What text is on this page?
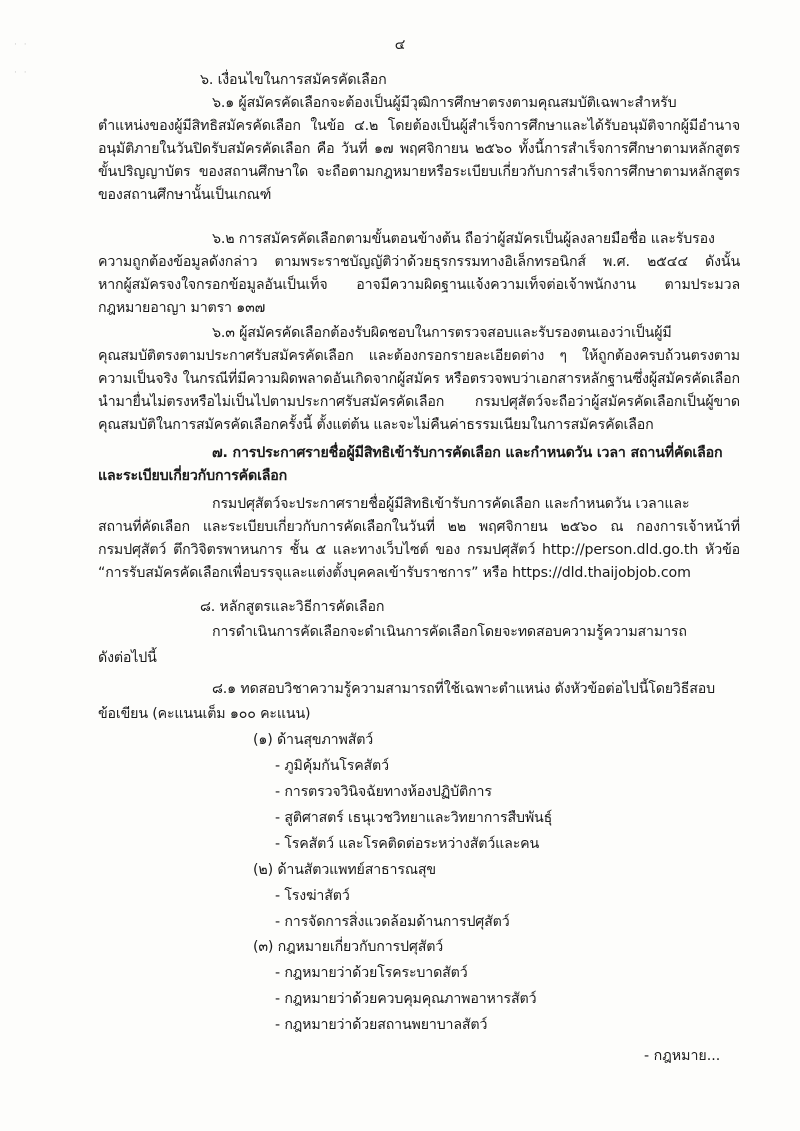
· ·
· ·
๔
๖. เงื่อนไขในการสมัครคัดเลือก
๖.๑ ผู้สมัครคัดเลือกจะต้องเป็นผู้มีวุฒิการศึกษาตรงตามคุณสมบัติเฉพาะสำหรับ
ตำแหน่งของผู้มีสิทธิสมัครคัดเลือก ในข้อ ๔.๒ โดยต้องเป็นผู้สำเร็จการศึกษาและได้รับอนุมัติจากผู้มีอำนาจ
อนุมัติภายในวันปิดรับสมัครคัดเลือก คือ วันที่ ๑๗ พฤศจิกายน ๒๕๖๐ ทั้งนี้การสำเร็จการศึกษาตามหลักสูตร
ขั้นปริญญาบัตร ของสถานศึกษาใด จะถือตามกฎหมายหรือระเบียบเกี่ยวกับการสำเร็จการศึกษาตามหลักสูตร
ของสถานศึกษานั้นเป็นเกณฑ์
๖.๒ การสมัครคัดเลือกตามขั้นตอนข้างต้น ถือว่าผู้สมัครเป็นผู้ลงลายมือชื่อ และรับรอง
ความถูกต้องข้อมูลดังกล่าว ตามพระราชบัญญัติว่าด้วยธุรกรรมทางอิเล็กทรอนิกส์ พ.ศ. ๒๕๔๔ ดังนั้น
หากผู้สมัครจงใจกรอกข้อมูลอันเป็นเท็จ อาจมีความผิดฐานแจ้งความเท็จต่อเจ้าพนักงาน ตามประมวล
กฎหมายอาญา มาตรา ๑๓๗
๖.๓ ผู้สมัครคัดเลือกต้องรับผิดชอบในการตรวจสอบและรับรองตนเองว่าเป็นผู้มี
คุณสมบัติตรงตามประกาศรับสมัครคัดเลือก และต้องกรอกรายละเอียดต่าง ๆ ให้ถูกต้องครบถ้วนตรงตาม
ความเป็นจริง ในกรณีที่มีความผิดพลาดอันเกิดจากผู้สมัคร หรือตรวจพบว่าเอกสารหลักฐานซึ่งผู้สมัครคัดเลือก
นำมายื่นไม่ตรงหรือไม่เป็นไปตามประกาศรับสมัครคัดเลือก กรมปศุสัตว์จะถือว่าผู้สมัครคัดเลือกเป็นผู้ขาด
คุณสมบัติในการสมัครคัดเลือกครั้งนี้ ตั้งแต่ต้น และจะไม่คืนค่าธรรมเนียมในการสมัครคัดเลือก
๗. การประกาศรายชื่อผู้มีสิทธิเข้ารับการคัดเลือก และกำหนดวัน เวลา สถานที่คัดเลือก
และระเบียบเกี่ยวกับการคัดเลือก
กรมปศุสัตว์จะประกาศรายชื่อผู้มีสิทธิเข้ารับการคัดเลือก และกำหนดวัน เวลาและ
สถานที่คัดเลือก และระเบียบเกี่ยวกับการคัดเลือกในวันที่ ๒๒ พฤศจิกายน ๒๕๖๐ ณ กองการเจ้าหน้าที่
กรมปศุสัตว์ ตึกวิจิตรพาหนการ ชั้น ๕ และทางเว็บไซต์ ของ กรมปศุสัตว์ http://person.dld.go.th หัวข้อ
“การรับสมัครคัดเลือกเพื่อบรรจุและแต่งตั้งบุคคลเข้ารับราชการ” หรือ https://dld.thaijobjob.com
๘. หลักสูตรและวิธีการคัดเลือก
การดำเนินการคัดเลือกจะดำเนินการคัดเลือกโดยจะทดสอบความรู้ความสามารถ
ดังต่อไปนี้
๘.๑ ทดสอบวิชาความรู้ความสามารถที่ใช้เฉพาะตำแหน่ง ดังหัวข้อต่อไปนี้โดยวิธีสอบ
ข้อเขียน (คะแนนเต็ม ๑๐๐ คะแนน)
(๑) ด้านสุขภาพสัตว์
- ภูมิคุ้มกันโรคสัตว์
- การตรวจวินิจฉัยทางห้องปฏิบัติการ
- สูติศาสตร์ เธนุเวชวิทยาและวิทยาการสืบพันธุ์
- โรคสัตว์ และโรคติดต่อระหว่างสัตว์และคน
(๒) ด้านสัตวแพทย์สาธารณสุข
- โรงฆ่าสัตว์
- การจัดการสิ่งแวดล้อมด้านการปศุสัตว์
(๓) กฎหมายเกี่ยวกับการปศุสัตว์
- กฎหมายว่าด้วยโรคระบาดสัตว์
- กฎหมายว่าด้วยควบคุมคุณภาพอาหารสัตว์
- กฎหมายว่าด้วยสถานพยาบาลสัตว์
- กฎหมาย...
